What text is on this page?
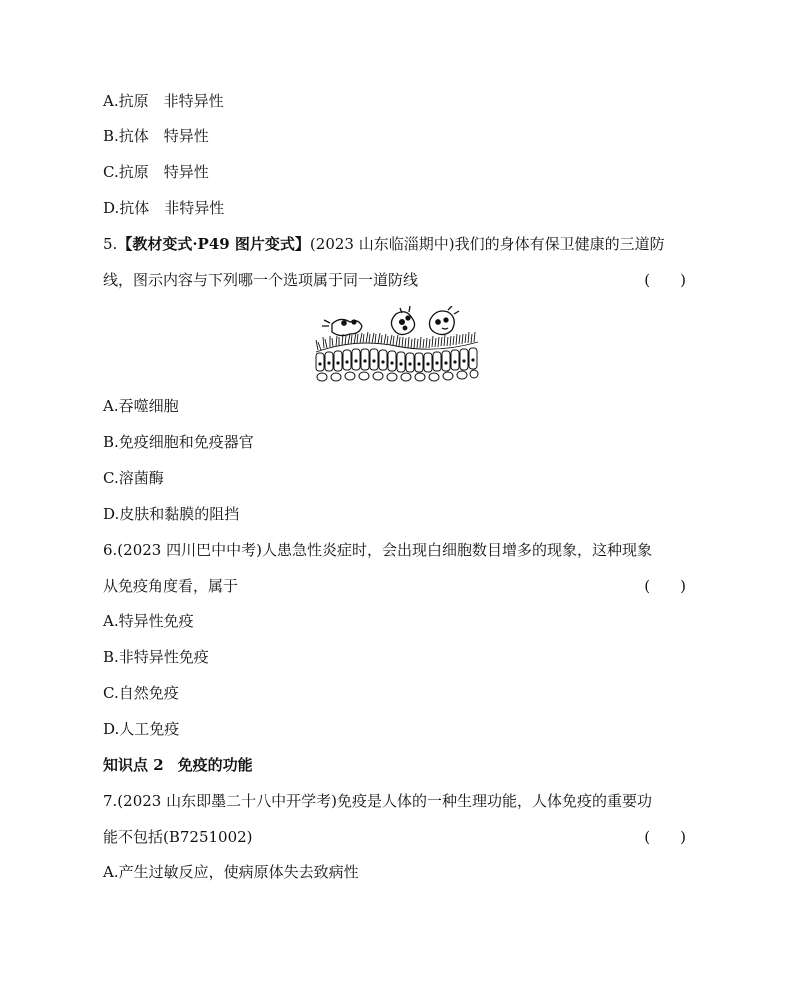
A.抗原　非特异性
B.抗体　特异性
C.抗原　特异性
D.抗体　非特异性
5.【教材变式·P49 图片变式】(2023 山东临淄期中)我们的身体有保卫健康的三道防
线，图示内容与下列哪一个选项属于同一道防线	(　　)
A.吞噬细胞
B.免疫细胞和免疫器官
C.溶菌酶
D.皮肤和黏膜的阻挡
6.(2023 四川巴中中考)人患急性炎症时，会出现白细胞数目增多的现象，这种现象
从免疫角度看，属于	(　　)
A.特异性免疫
B.非特异性免疫
C.自然免疫
D.人工免疫
知识点 2 免疫的功能
7.(2023 山东即墨二十八中开学考)免疫是人体的一种生理功能，人体免疫的重要功
能不包括(B7251002)	(　　)
A.产生过敏反应，使病原体失去致病性
